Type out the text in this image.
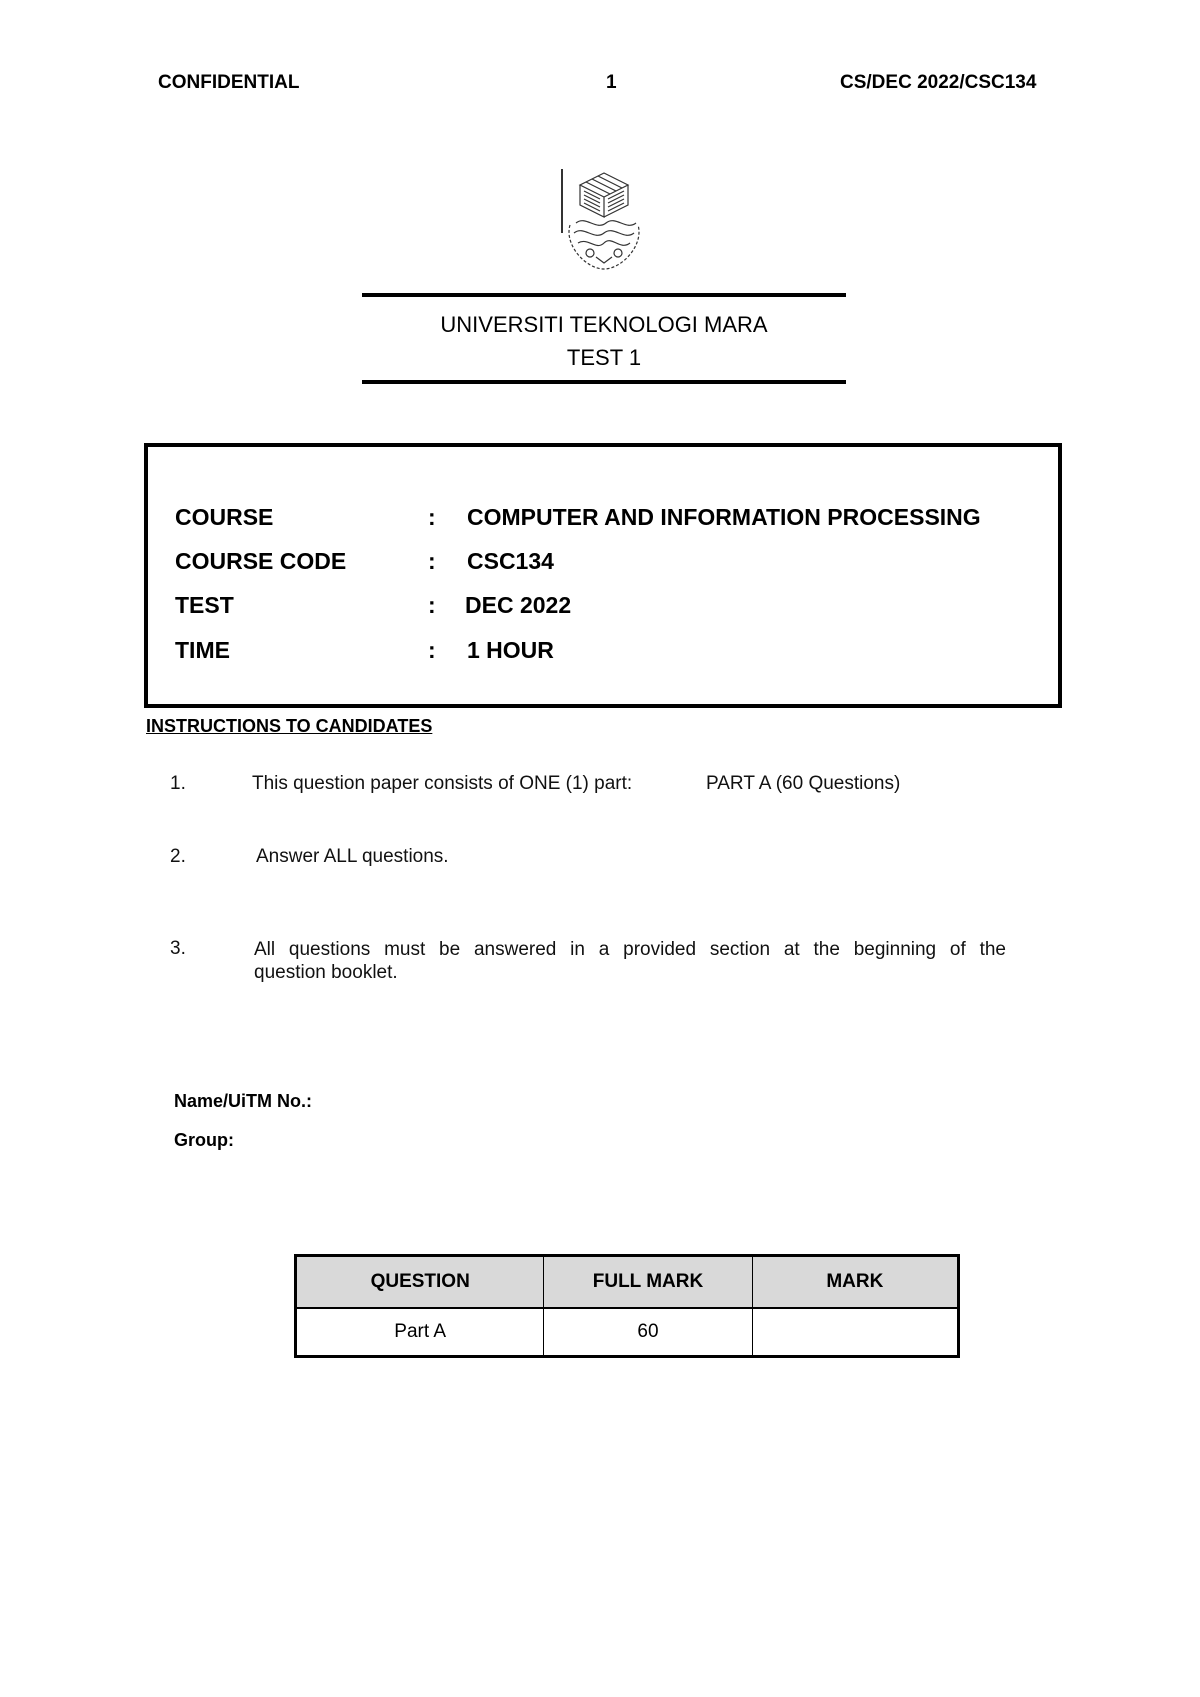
CONFIDENTIAL	1	CS/DEC 2022/CSC134
UNIVERSITI TEKNOLOGI MARA
TEST 1
COURSE	: COMPUTER AND INFORMATION PROCESSING
COURSE CODE	: CSC134
TEST	: DEC 2022
TIME	: 1 HOUR
INSTRUCTIONS TO CANDIDATES
1.	This question paper consists of ONE (1) part:	PART A (60 Questions)
2.	Answer ALL questions.
3.	All questions must be answered in a provided section at the beginning of the
question booklet.
Name/UiTM No.:
Group:
QUESTION	FULL MARK	MARK
Part A	60	
